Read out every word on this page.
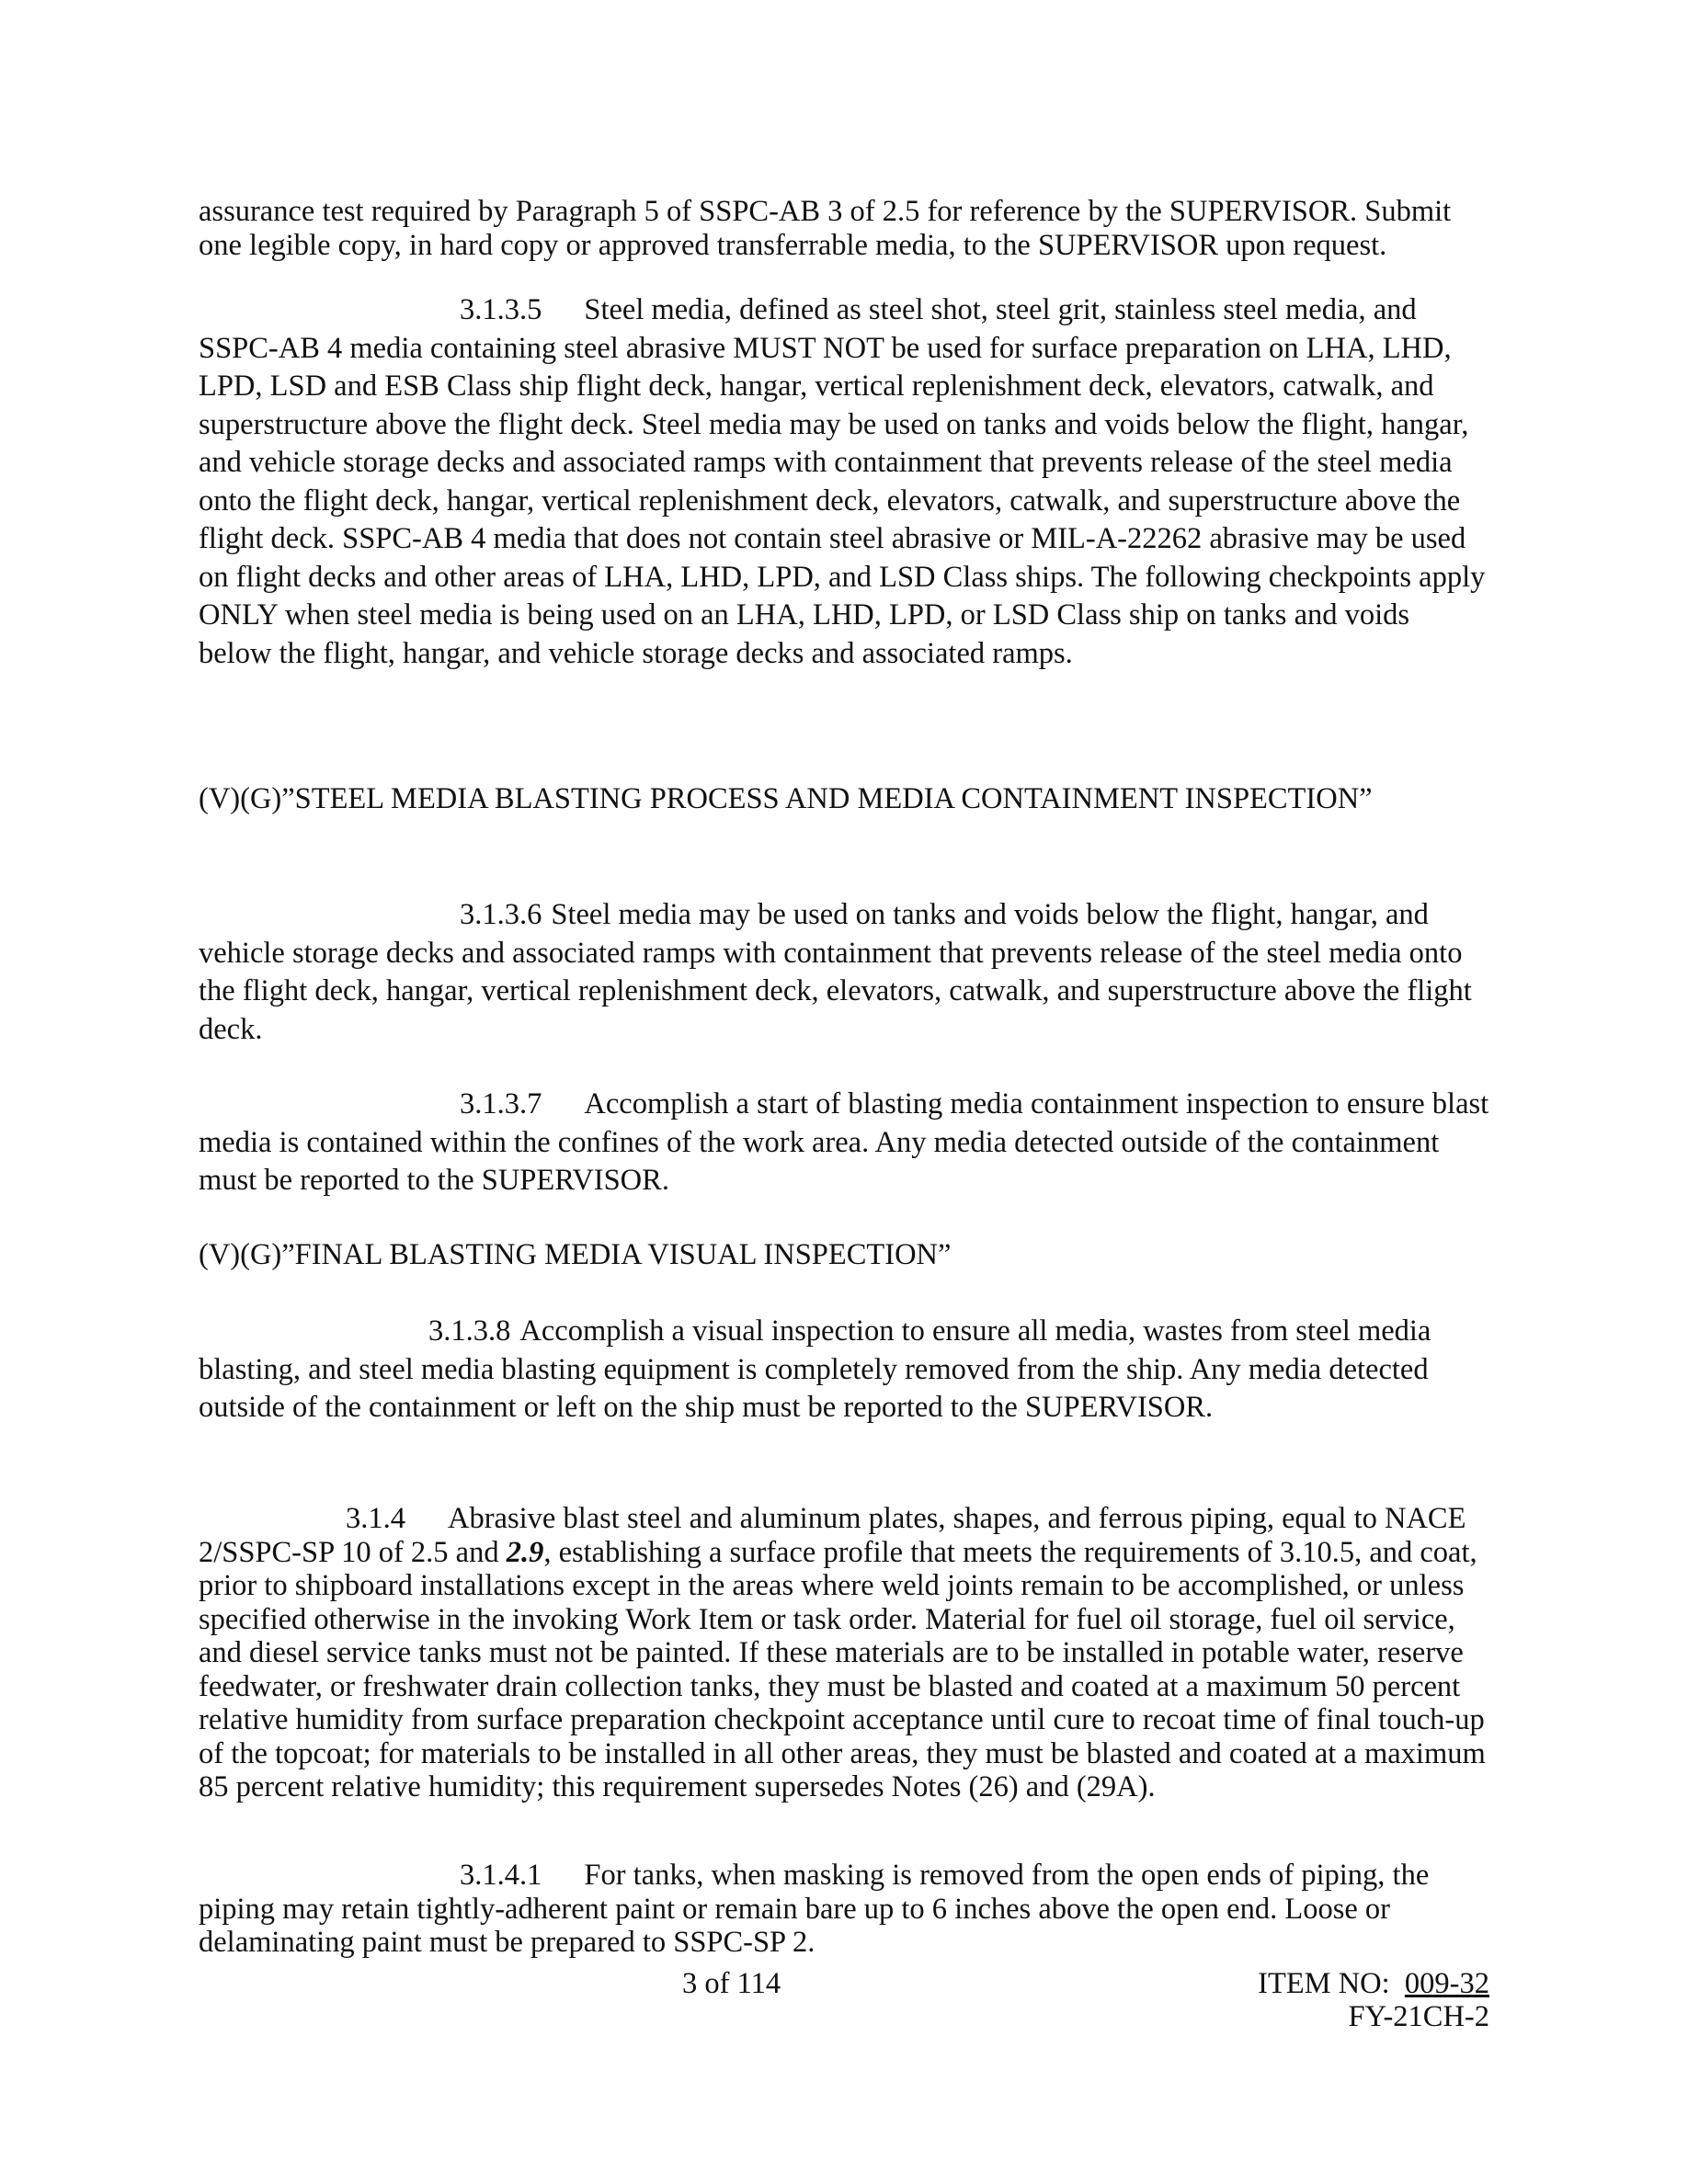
assurance test required by Paragraph 5 of SSPC-AB 3 of 2.5 for reference by the SUPERVISOR. Submit one legible copy, in hard copy or approved transferrable media, to the SUPERVISOR upon request.

3.1.3.5 Steel media, defined as steel shot, steel grit, stainless steel media, and SSPC-AB 4 media containing steel abrasive MUST NOT be used for surface preparation on LHA, LHD, LPD, LSD and ESB Class ship flight deck, hangar, vertical replenishment deck, elevators, catwalk, and superstructure above the flight deck. Steel media may be used on tanks and voids below the flight, hangar, and vehicle storage decks and associated ramps with containment that prevents release of the steel media onto the flight deck, hangar, vertical replenishment deck, elevators, catwalk, and superstructure above the flight deck. SSPC-AB 4 media that does not contain steel abrasive or MIL-A-22262 abrasive may be used on flight decks and other areas of LHA, LHD, LPD, and LSD Class ships. The following checkpoints apply ONLY when steel media is being used on an LHA, LHD, LPD, or LSD Class ship on tanks and voids below the flight, hangar, and vehicle storage decks and associated ramps.

(V)(G)”STEEL MEDIA BLASTING PROCESS AND MEDIA CONTAINMENT INSPECTION”

3.1.3.6 Steel media may be used on tanks and voids below the flight, hangar, and vehicle storage decks and associated ramps with containment that prevents release of the steel media onto the flight deck, hangar, vertical replenishment deck, elevators, catwalk, and superstructure above the flight deck.

3.1.3.7 Accomplish a start of blasting media containment inspection to ensure blast media is contained within the confines of the work area. Any media detected outside of the containment must be reported to the SUPERVISOR.

(V)(G)”FINAL BLASTING MEDIA VISUAL INSPECTION”

3.1.3.8 Accomplish a visual inspection to ensure all media, wastes from steel media blasting, and steel media blasting equipment is completely removed from the ship. Any media detected outside of the containment or left on the ship must be reported to the SUPERVISOR.

3.1.4 Abrasive blast steel and aluminum plates, shapes, and ferrous piping, equal to NACE 2/SSPC-SP 10 of 2.5 and 2.9, establishing a surface profile that meets the requirements of 3.10.5, and coat, prior to shipboard installations except in the areas where weld joints remain to be accomplished, or unless specified otherwise in the invoking Work Item or task order. Material for fuel oil storage, fuel oil service, and diesel service tanks must not be painted. If these materials are to be installed in potable water, reserve feedwater, or freshwater drain collection tanks, they must be blasted and coated at a maximum 50 percent relative humidity from surface preparation checkpoint acceptance until cure to recoat time of final touch-up of the topcoat; for materials to be installed in all other areas, they must be blasted and coated at a maximum 85 percent relative humidity; this requirement supersedes Notes (26) and (29A).

3.1.4.1 For tanks, when masking is removed from the open ends of piping, the piping may retain tightly-adherent paint or remain bare up to 6 inches above the open end. Loose or delaminating paint must be prepared to SSPC-SP 2.

3 of 114	ITEM NO: 009-32
FY-21CH-2
